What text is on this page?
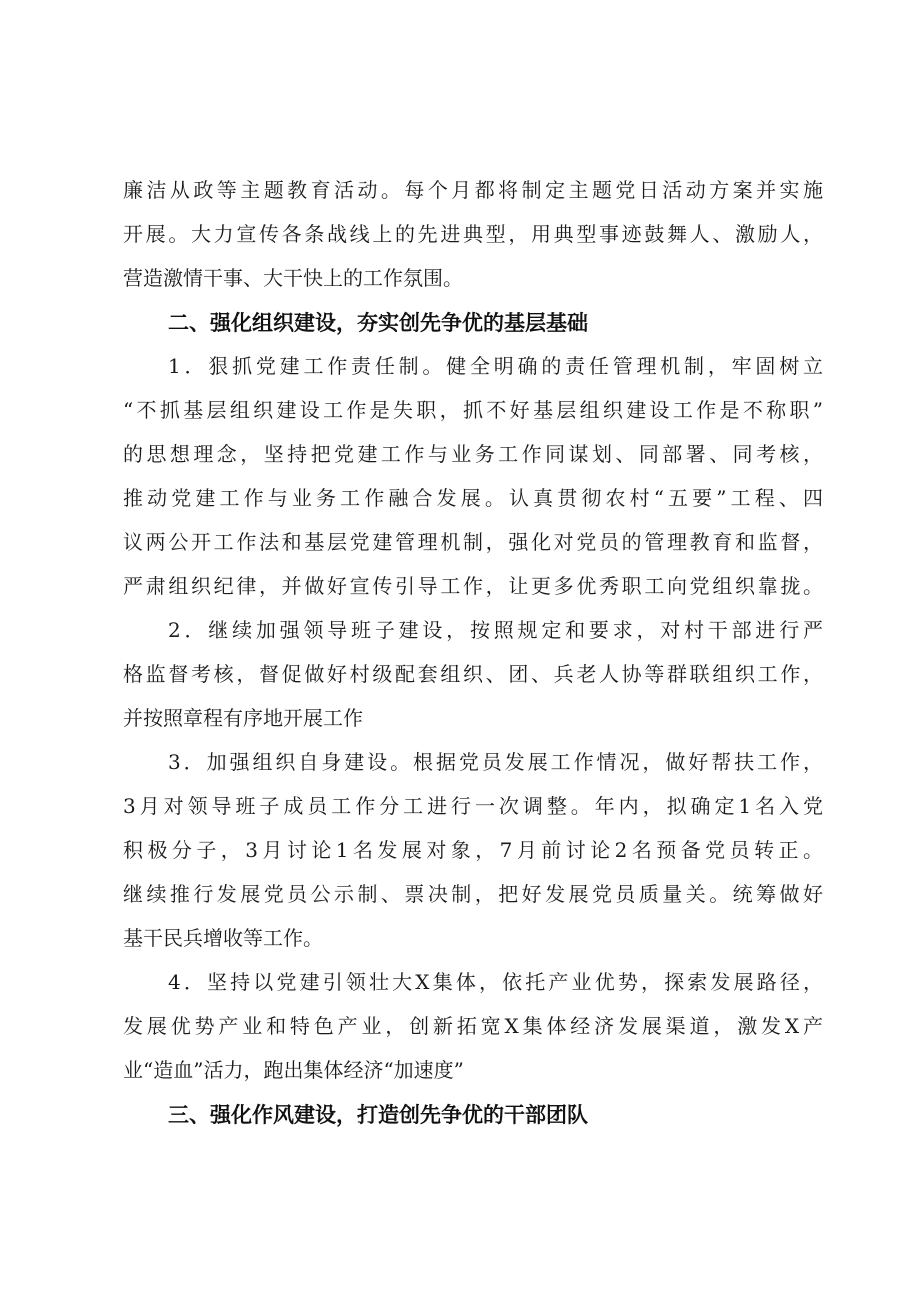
廉洁从政等主题教育活动。每个月都将制定主题党日活动方案并实施
开展。大力宣传各条战线上的先进典型，用典型事迹鼓舞人、激励人，
营造激情干事、大干快上的工作氛围。
二、强化组织建设，夯实创先争优的基层基础
1．狠抓党建工作责任制。健全明确的责任管理机制，牢固树立
“不抓基层组织建设工作是失职，抓不好基层组织建设工作是不称职”
的思想理念，坚持把党建工作与业务工作同谋划、同部署、同考核，
推动党建工作与业务工作融合发展。认真贯彻农村“五要”工程、四
议两公开工作法和基层党建管理机制，强化对党员的管理教育和监督，
严肃组织纪律，并做好宣传引导工作，让更多优秀职工向党组织靠拢。
2．继续加强领导班子建设，按照规定和要求，对村干部进行严
格监督考核，督促做好村级配套组织、团、兵老人协等群联组织工作，
并按照章程有序地开展工作
3．加强组织自身建设。根据党员发展工作情况，做好帮扶工作，
3月对领导班子成员工作分工进行一次调整。年内，拟确定1名入党
积极分子，3月讨论1名发展对象，7月前讨论2名预备党员转正。
继续推行发展党员公示制、票决制，把好发展党员质量关。统筹做好
基干民兵增收等工作。
4．坚持以党建引领壮大X集体，依托产业优势，探索发展路径，
发展优势产业和特色产业，创新拓宽X集体经济发展渠道，激发X产
业“造血”活力，跑出集体经济“加速度”
三、强化作风建设，打造创先争优的干部团队
